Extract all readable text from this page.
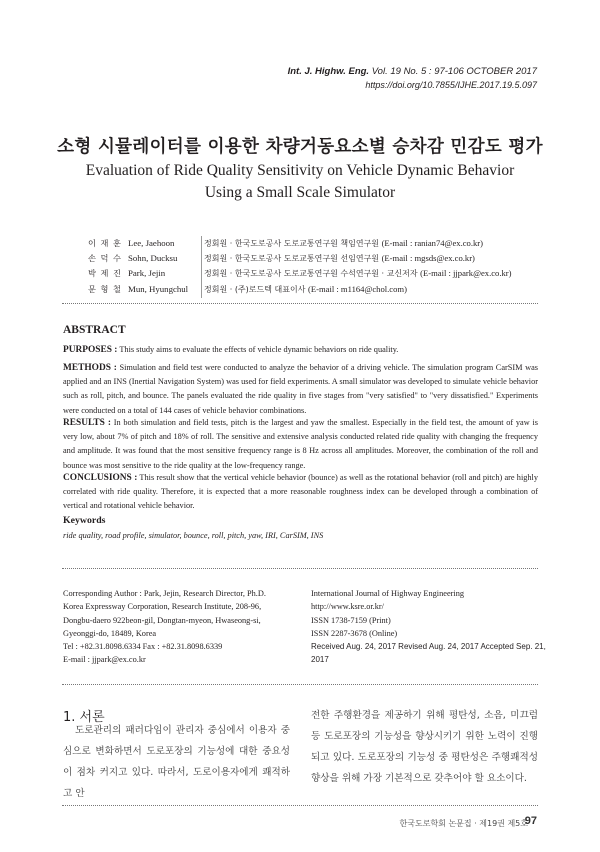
Int. J. Highw. Eng. Vol. 19 No. 5 : 97-106 OCTOBER 2017
https://doi.org/10.7855/IJHE.2017.19.5.097
소형 시뮬레이터를 이용한 차량거동요소별 승차감 민감도 평가
Evaluation of Ride Quality Sensitivity on Vehicle Dynamic Behavior
Using a Small Scale Simulator
이 재 훈 Lee, Jaehoon	정회원 · 한국도로공사 도로교통연구원 책임연구원 (E-mail : ranian74@ex.co.kr)
손 덕 수 Sohn, Ducksu	정회원 · 한국도로공사 도로교통연구원 선임연구원 (E-mail : mgsds@ex.co.kr)
박 제 진 Park, Jejin	정회원 · 한국도로공사 도로교통연구원 수석연구원 · 교신저자 (E-mail : jjpark@ex.co.kr)
문 형 철 Mun, Hyungchul	정회원 · (주)로드텍 대표이사 (E-mail : m1164@chol.com)
ABSTRACT
PURPOSES : This study aims to evaluate the effects of vehicle dynamic behaviors on ride quality.
METHODS : Simulation and field test were conducted to analyze the behavior of a driving vehicle. The simulation program CarSIM was applied and an INS (Inertial Navigation System) was used for field experiments. A small simulator was developed to simulate vehicle behavior such as roll, pitch, and bounce. The panels evaluated the ride quality in five stages from "very satisfied" to "very dissatisfied." Experiments were conducted on a total of 144 cases of vehicle behavior combinations.
RESULTS : In both simulation and field tests, pitch is the largest and yaw the smallest. Especially in the field test, the amount of yaw is very low, about 7% of pitch and 18% of roll. The sensitive and extensive analysis conducted related ride quality with changing the frequency and amplitude. It was found that the most sensitive frequency range is 8 Hz across all amplitudes. Moreover, the combination of the roll and bounce was most sensitive to the ride quality at the low-frequency range.
CONCLUSIONS : This result show that the vertical vehicle behavior (bounce) as well as the rotational behavior (roll and pitch) are highly correlated with ride quality. Therefore, it is expected that a more reasonable roughness index can be developed through a combination of vertical and rotational vehicle behavior.
Keywords
ride quality, road profile, simulator, bounce, roll, pitch, yaw, IRI, CarSIM, INS
Corresponding Author : Park, Jejin, Research Director, Ph.D.
Korea Expressway Corporation, Research Institute, 208-96,
Dongbu-daero 922beon-gil, Dongtan-myeon, Hwaseong-si,
Gyeonggi-do, 18489, Korea
Tel : +82.31.8098.6334 Fax : +82.31.8098.6339
E-mail : jjpark@ex.co.kr
International Journal of Highway Engineering
http://www.ksre.or.kr/
ISSN 1738-7159 (Print)
ISSN 2287-3678 (Online)
Received Aug. 24, 2017 Revised Aug. 24, 2017 Accepted Sep. 21, 2017
1. 서론
도로관리의 패러다임이 관리자 중심에서 이용자 중심으로 변화하면서 도로포장의 기능성에 대한 중요성이 점차 커지고 있다. 따라서, 도로이용자에게 쾌적하고 안
전한 주행환경을 제공하기 위해 평탄성, 소음, 미끄럼 등 도로포장의 기능성을 향상시키기 위한 노력이 진행되고 있다. 도로포장의 기능성 중 평탄성은 주행쾌적성 향상을 위해 가장 기본적으로 갖추어야 할 요소이다.
한국도로학회 논문집 · 제19권 제5호
97
